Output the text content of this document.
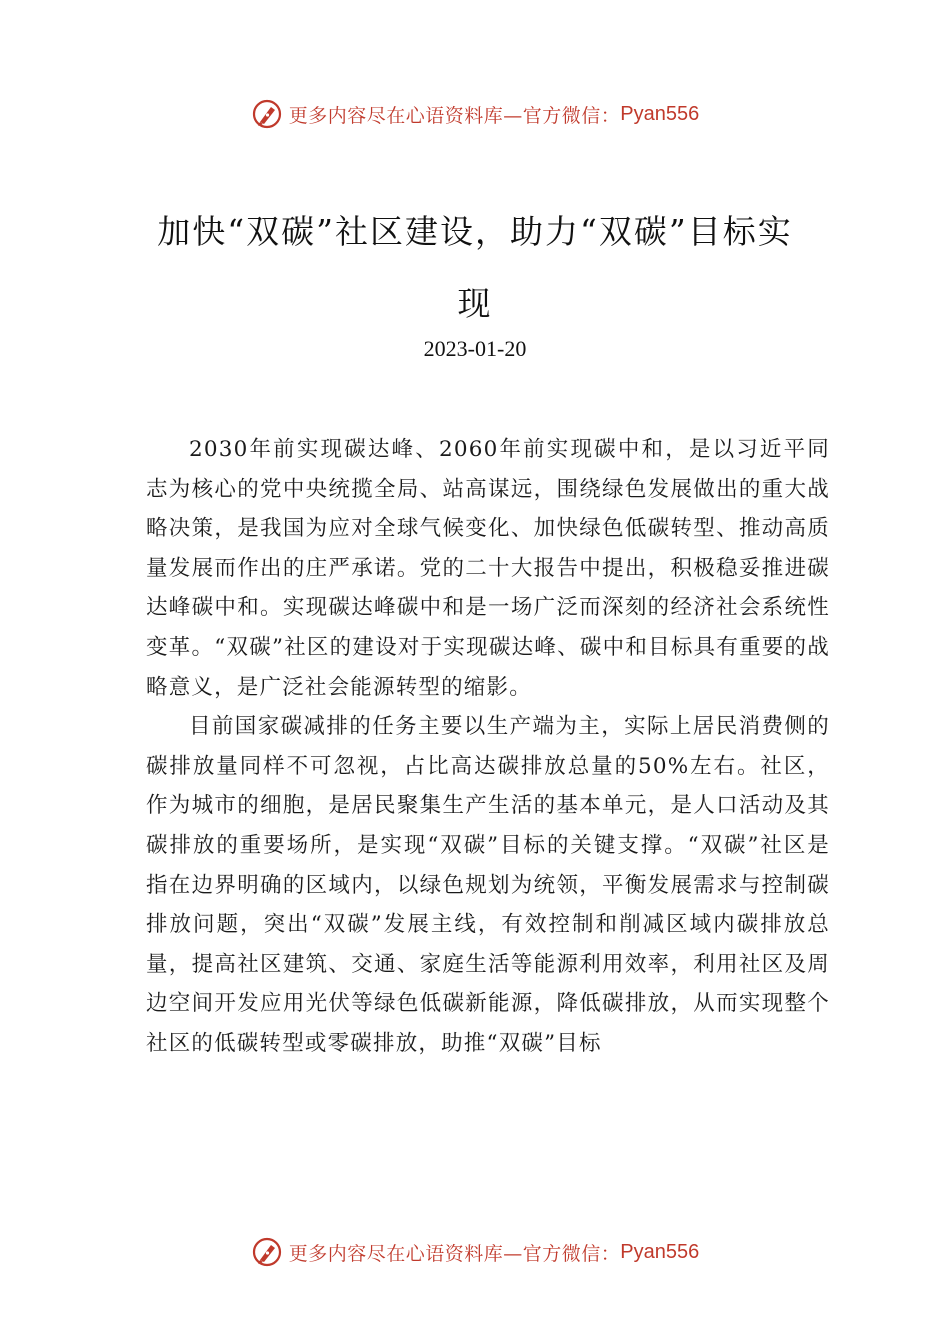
更多内容尽在心语资料库—官方微信： Pyan556
加快“双碳”社区建设，助力“双碳”目标实现
2023-01-20

2030年前实现碳达峰、2060年前实现碳中和，是以习近平同志为核心的党中央统揽全局、站高谋远，围绕绿色发展做出的重大战略决策，是我国为应对全球气候变化、加快绿色低碳转型、推动高质量发展而作出的庄严承诺。党的二十大报告中提出，积极稳妥推进碳达峰碳中和。实现碳达峰碳中和是一场广泛而深刻的经济社会系统性变革。“双碳”社区的建设对于实现碳达峰、碳中和目标具有重要的战略意义，是广泛社会能源转型的缩影。

目前国家碳减排的任务主要以生产端为主，实际上居民消费侧的碳排放量同样不可忽视，占比高达碳排放总量的50%左右。社区，作为城市的细胞，是居民聚集生产生活的基本单元，是人口活动及其碳排放的重要场所，是实现“双碳”目标的关键支撑。“双碳”社区是指在边界明确的区域内，以绿色规划为统领，平衡发展需求与控制碳排放问题，突出“双碳”发展主线，有效控制和削减区域内碳排放总量，提高社区建筑、交通、家庭生活等能源利用效率，利用社区及周边空间开发应用光伏等绿色低碳新能源，降低碳排放，从而实现整个社区的低碳转型或零碳排放，助推“双碳”目标

更多内容尽在心语资料库—官方微信： Pyan556
